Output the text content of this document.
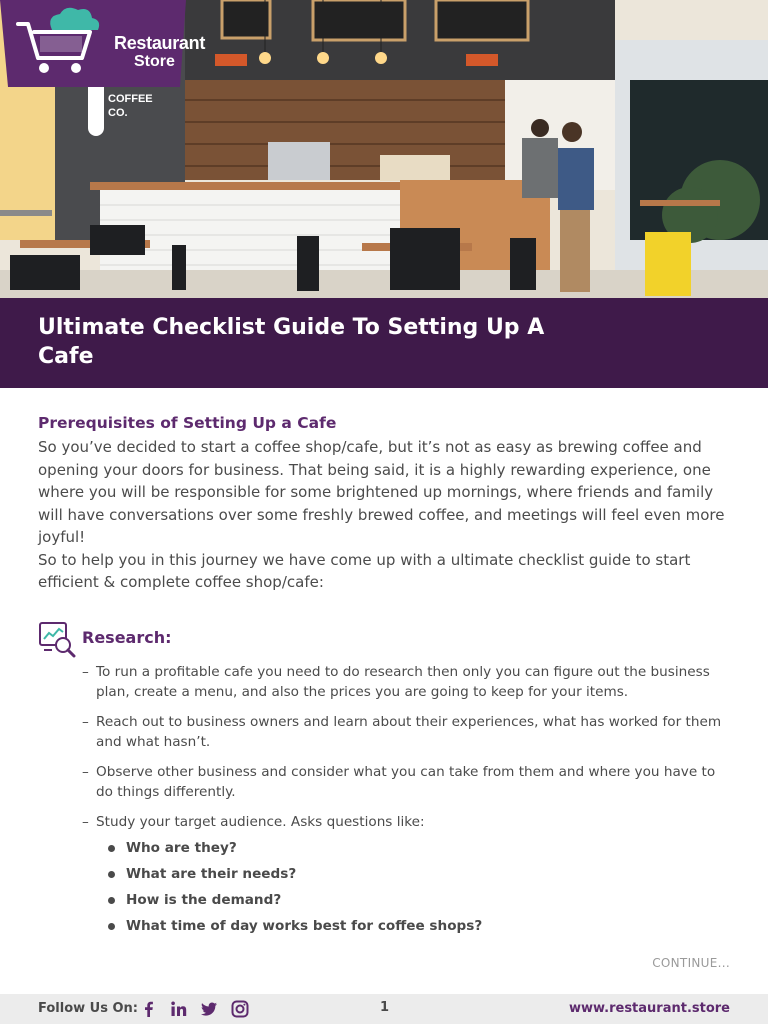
COFFEE
CO.
Restaurant
Store
Ultimate Checklist Guide To Setting Up A Cafe
Prerequisites of Setting Up a Cafe

So you’ve decided to start a coffee shop/cafe, but it’s not as easy as brewing coffee and opening your doors for business. That being said, it is a highly rewarding experience, one where you will be responsible for some brightened up mornings, where friends and family will have conversations over some freshly brewed coffee, and meetings will feel even more joyful!

So to help you in this journey we have come up with a ultimate checklist guide to start efficient & complete coffee shop/cafe:

Research:
– To run a profitable cafe you need to do research then only you can figure out the business plan, create a menu, and also the prices you are going to keep for your items.
– Reach out to business owners and learn about their experiences, what has worked for them and what hasn’t.
– Observe other business and consider what you can take from them and where you have to do things differently.
– Study your target audience. Asks questions like:
Who are they?
What are their needs?
How is the demand?
What time of day works best for coffee shops?
CONTINUE...
Follow Us On:	1	www.restaurant.store
